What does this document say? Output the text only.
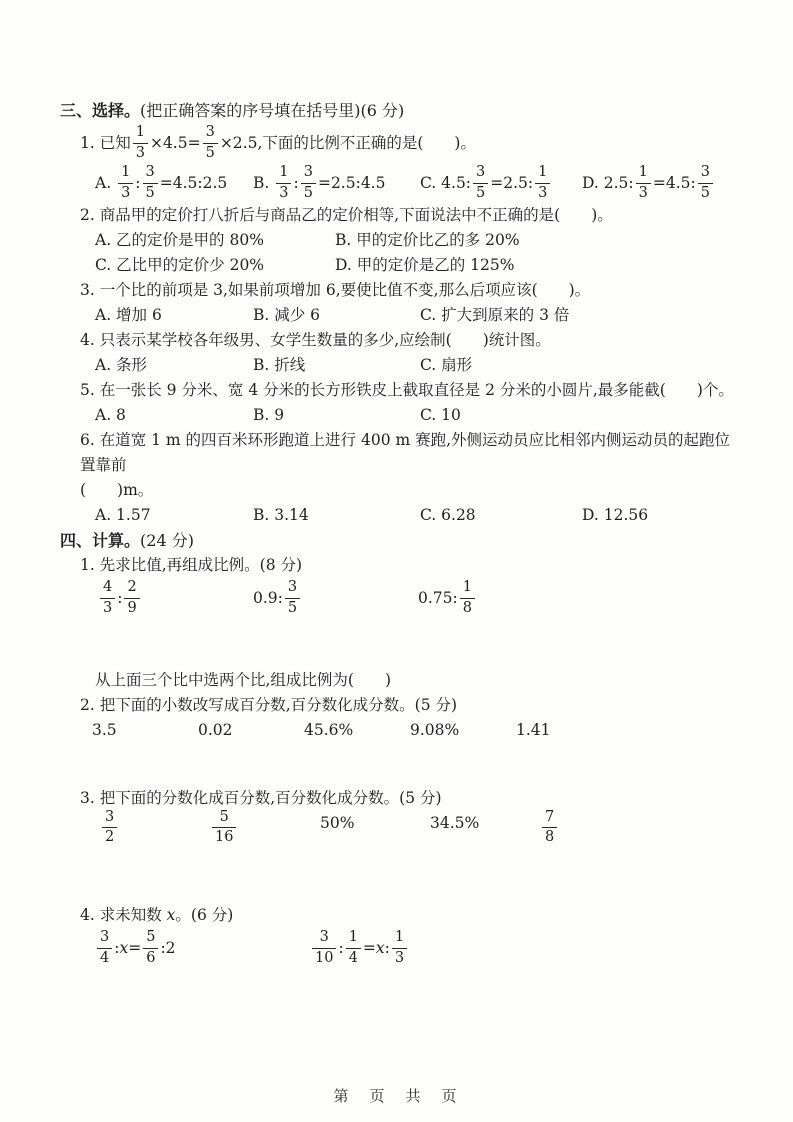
三、选择。(把正确答案的序号填在括号里)(6 分)
1. 已知 $\frac{1}{3} \times 4.5= \frac{3}{5} \times 2.5$,下面的比例不正确的是(　　)。
A. $\frac{1}{3}$ : $\frac{3}{5}$ =4.5:2.5	B. $\frac{1}{3}$ : $\frac{3}{5}$ =2.5:4.5	C. 4.5: $\frac{3}{5} =2.5$: $\frac{1}{3} D$. 2.5: $\frac{1}{3} =4.5$: $\frac{3}{5}$
2. 商品甲的定价打八折后与商品乙的定价相等,下面说法中不正确的是(　　)。
A. 乙的定价是甲的 80%	B. 甲的定价比乙的多 20%
C. 乙比甲的定价少 20%	D. 甲的定价是乙的 125%
3. 一个比的前项是 3,如果前项增加 6,要使比值不变,那么后项应该(　　)。
A. 增加 6	B. 减少 6	C. 扩大到原来的 3 倍
4. 只表示某学校各年级男、女学生数量的多少,应绘制(　　)统计图。
A. 条形	B. 折线	C. 扇形
5. 在一张长 9 分米、宽 4 分米的长方形铁皮上截取直径是 2 分米的小圆片,最多能截(　　)个。
A. 8	B. 9	C. 10
6. 在道宽 1 m 的四百米环形跑道上进行 400 m 赛跑,外侧运动员应比相邻内侧运动员的起跑位置靠前
(　　)m。
A. 1.57	B. 3.14	C. 6.28	D. 12.56
四、计算。(24 分)
1. 先求比值,再组成比例。(8 分)
$\frac{4}{3}$ : $\frac{2}{9}$	0.9: $\frac{3}{5}$	0.75: $\frac{1}{8}$
从上面三个比中选两个比,组成比例为(　　)
2. 把下面的小数改写成百分数,百分数化成分数。(5 分)
3.5	0.02	45.6%	9.08%	1.41
3. 把下面的分数化成百分数,百分数化成分数。(5 分)
$\frac{3}{2}$	$\frac{5}{16}$	50%	34.5%	$\frac{7}{8}$
4. 求未知数 x。(6 分)
$\frac{3}{4}$ :x= $\frac{5}{6}$ :2	$\frac{3}{10}$ : $\frac{1}{4} =x$: $\frac{1}{3}$
第　页　共　页
